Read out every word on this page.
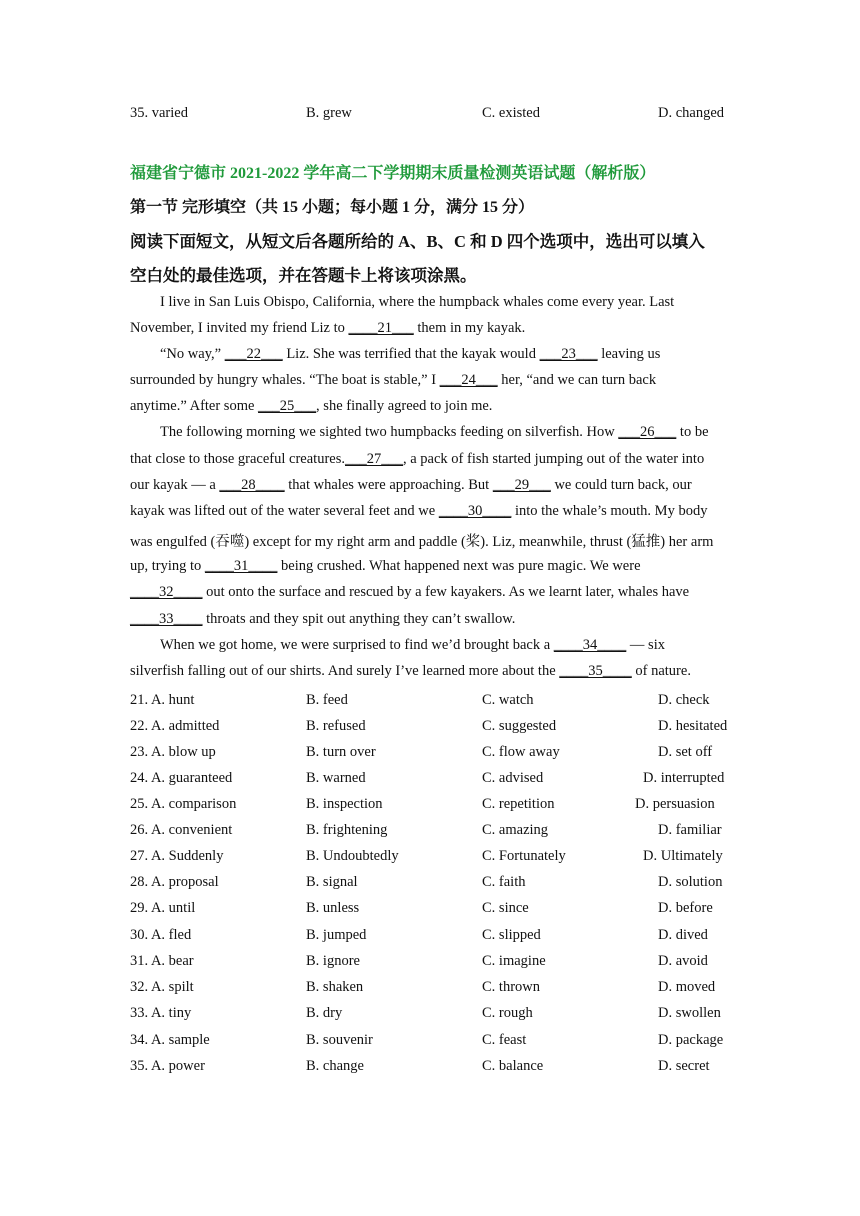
35. varied	B. grew	C. existed	D. changed
福建省宁德市 2021-2022 学年高二下学期期末质量检测英语试题（解析版）
第一节 完形填空（共 15 小题；每小题 1 分，满分 15 分）
阅读下面短文，从短文后各题所给的 A、B、C 和 D 四个选项中，选出可以填入
空白处的最佳选项，并在答题卡上将该项涂黑。
I live in San Luis Obispo, California, where the humpback whales come every year. Last
November, I invited my friend Liz to ____21___ them in my kayak.
“No way,” ___22___ Liz. She was terrified that the kayak would ___23___ leaving us
surrounded by hungry whales. “The boat is stable,” I ___24___ her, “and we can turn back
anytime.” After some ___25___, she finally agreed to join me.
The following morning we sighted two humpbacks feeding on silverfish. How ___26___ to be
that close to those graceful creatures.___27___, a pack of fish started jumping out of the water into
our kayak — a ___28____ that whales were approaching. But ___29___ we could turn back, our
kayak was lifted out of the water several feet and we ____30____ into the whale’s mouth. My body
was engulfed (吞噬) except for my right arm and paddle (桨). Liz, meanwhile, thrust (猛推) her arm
up, trying to ____31____ being crushed. What happened next was pure magic. We were
____32____ out onto the surface and rescued by a few kayakers. As we learnt later, whales have
____33____ throats and they spit out anything they can’t swallow.
When we got home, we were surprised to find we’d brought back a ____34____ — six
silverfish falling out of our shirts. And surely I’ve learned more about the ____35____ of nature.
21. A. hunt	B. feed	C. watch	D. check
22. A. admitted	B. refused	C. suggested	D. hesitated
23. A. blow up	B. turn over	C. flow away	D. set off
24. A. guaranteed	B. warned	C. advised	D. interrupted
25. A. comparison	B. inspection	C. repetition	D. persuasion
26. A. convenient	B. frightening	C. amazing	D. familiar
27. A. Suddenly	B. Undoubtedly	C. Fortunately	D. Ultimately
28. A. proposal	B. signal	C. faith	D. solution
29. A. until	B. unless	C. since	D. before
30. A. fled	B. jumped	C. slipped	D. dived
31. A. bear	B. ignore	C. imagine	D. avoid
32. A. spilt	B. shaken	C. thrown	D. moved
33. A. tiny	B. dry	C. rough	D. swollen
34. A. sample	B. souvenir	C. feast	D. package
35. A. power	B. change	C. balance	D. secret
